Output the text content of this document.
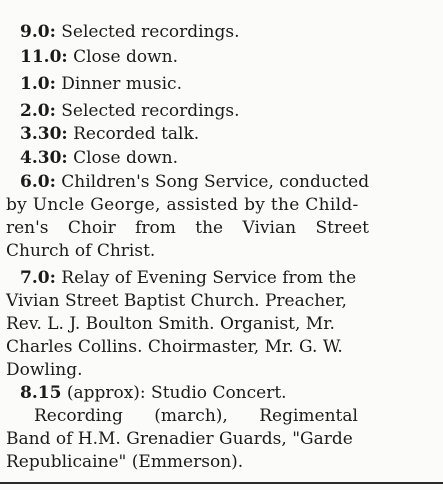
9.0: Selected recordings.
11.0: Close down.
1.0: Dinner music.
2.0: Selected recordings.
3.30: Recorded talk.
4.30: Close down.
6.0: Children's Song Service, conducted
by Uncle George, assisted by the Child-
ren's Choir from the Vivian Street
Church of Christ.
7.0: Relay of Evening Service from the
Vivian Street Baptist Church. Preacher,
Rev. L. J. Boulton Smith. Organist, Mr.
Charles Collins. Choirmaster, Mr. G. W.
Dowling.
8.15 (approx): Studio Concert.
Recording (march), Regimental
Band of H.M. Grenadier Guards, "Garde
Republicaine" (Emmerson).
